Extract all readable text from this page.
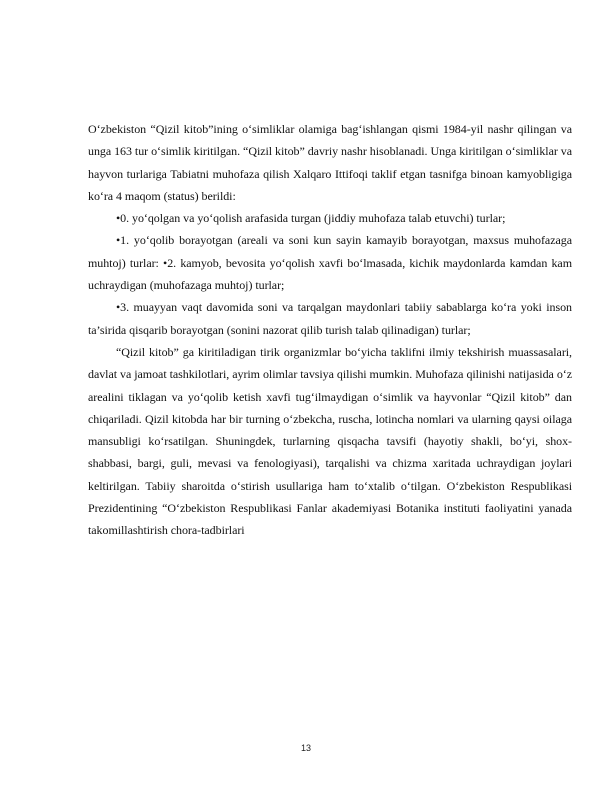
O‘zbekiston “Qizil kitob”ining o‘simliklar olamiga bag‘ishlangan qismi 1984-yil nashr qilingan va unga 163 tur o‘simlik kiritilgan. “Qizil kitob” davriy nashr hisoblanadi. Unga kiritilgan o‘simliklar va hayvon turlariga Tabiatni muhofaza qilish Xalqaro Ittifoqi taklif etgan tasnifga binoan kamyobligiga ko‘ra 4 maqom (status) berildi:

•0. yo‘qolgan va yo‘qolish arafasida turgan (jiddiy muhofaza talab etuvchi) turlar;

•1. yo‘qolib borayotgan (areali va soni kun sayin kamayib borayotgan, maxsus muhofazaga muhtoj) turlar: •2. kamyob, bevosita yo‘qolish xavfi bo‘lmasada, kichik maydonlarda kamdan kam uchraydigan (muhofazaga muhtoj) turlar;

•3. muayyan vaqt davomida soni va tarqalgan maydonlari tabiiy sabablarga ko‘ra yoki inson ta’sirida qisqarib borayotgan (sonini nazorat qilib turish talab qilinadigan) turlar;

“Qizil kitob” ga kiritiladigan tirik organizmlar bo‘yicha taklifni ilmiy tekshirish muassasalari, davlat va jamoat tashkilotlari, ayrim olimlar tavsiya qilishi mumkin. Muhofaza qilinishi natijasida o‘z arealini tiklagan va yo‘qolib ketish xavfi tug‘ilmaydigan o‘simlik va hayvonlar “Qizil kitob” dan chiqariladi. Qizil kitobda har bir turning o‘zbekcha, ruscha, lotincha nomlari va ularning qaysi oilaga mansubligi ko‘rsatilgan. Shuningdek, turlarning qisqacha tavsifi (hayotiy shakli, bo‘yi, shox-shabbasi, bargi, guli, mevasi va fenologiyasi), tarqalishi va chizma xaritada uchraydigan joylari keltirilgan. Tabiiy sharoitda o‘stirish usullariga ham to‘xtalib o‘tilgan. O‘zbekiston Respublikasi Prezidentining “O‘zbekiston Respublikasi Fanlar akademiyasi Botanika instituti faoliyatini yanada takomillashtirish chora-tadbirlari

13
